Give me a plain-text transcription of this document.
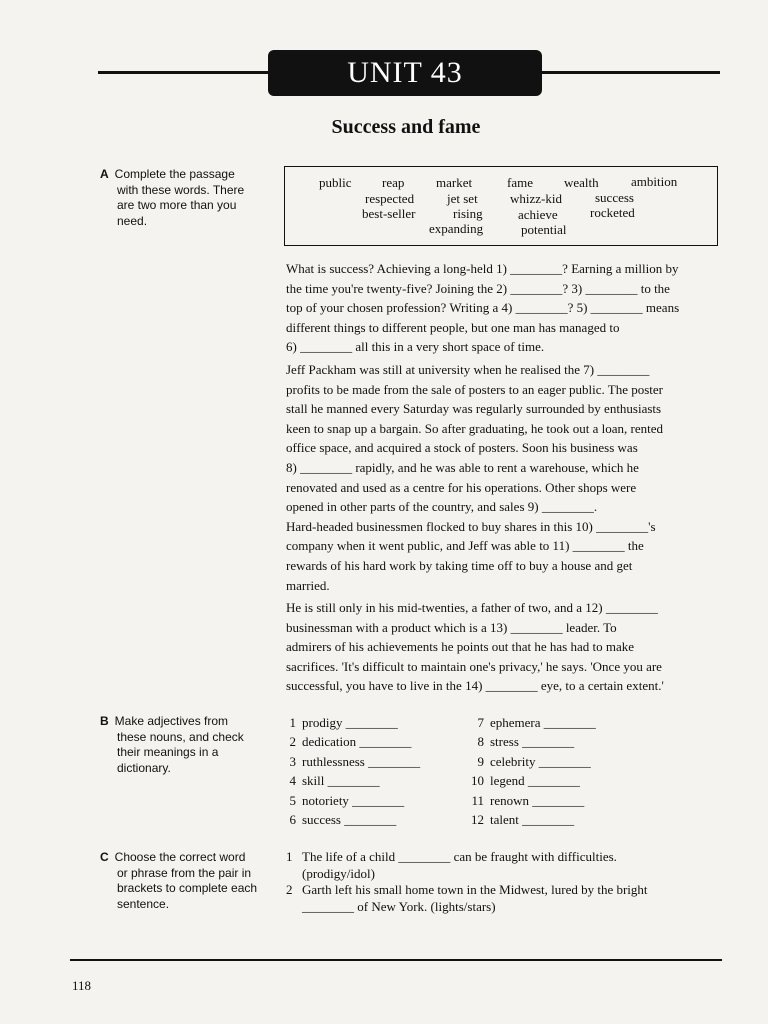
UNIT 43
Success and fame
A Complete the passage
with these words. There
are two more than you
need.
public reap market	fame wealth ambition
respected	jet set whizz-kid	success
best-seller	rising	achieve rocketed
expanding	potential

What is success? Achieving a long-held 1) ________? Earning a million by
the time you're twenty-five? Joining the 2) ________? 3) ________ to the
top of your chosen profession? Writing a 4) ________? 5) ________ means
different things to different people, but one man has managed to
6) ________ all this in a very short space of time.

Jeff Packham was still at university when he realised the 7) ________
profits to be made from the sale of posters to an eager public. The poster
stall he manned every Saturday was regularly surrounded by enthusiasts
keen to snap up a bargain. So after graduating, he took out a loan, rented
office space, and acquired a stock of posters. Soon his business was
8) ________ rapidly, and he was able to rent a warehouse, which he
renovated and used as a centre for his operations. Other shops were
opened in other parts of the country, and sales 9) ________.
Hard-headed businessmen flocked to buy shares in this 10) ________'s
company when it went public, and Jeff was able to 11) ________ the
rewards of his hard work by taking time off to buy a house and get
married.

He is still only in his mid-twenties, a father of two, and a 12) ________
businessman with a product which is a 13) ________ leader. To
admirers of his achievements he points out that he has had to make
sacrifices. 'It's difficult to maintain one's privacy,' he says. 'Once you are
successful, you have to live in the 14) ________ eye, to a certain extent.'

B Make adjectives from
these nouns, and check
their meanings in a
dictionary.
1 prodigy ________
2 dedication ________
3 ruthlessness ________
4 skill ________
5 notoriety ________
6 success ________
7 ephemera ________
8 stress ________
9 celebrity ________
10 legend ________
11 renown ________
12 talent ________
C Choose the correct word
or phrase from the pair in
brackets to complete each
sentence.
1 The life of a child ________ can be fraught with difficulties.
(prodigy/idol)
2 Garth left his small home town in the Midwest, lured by the bright
________ of New York. (lights/stars)
118
